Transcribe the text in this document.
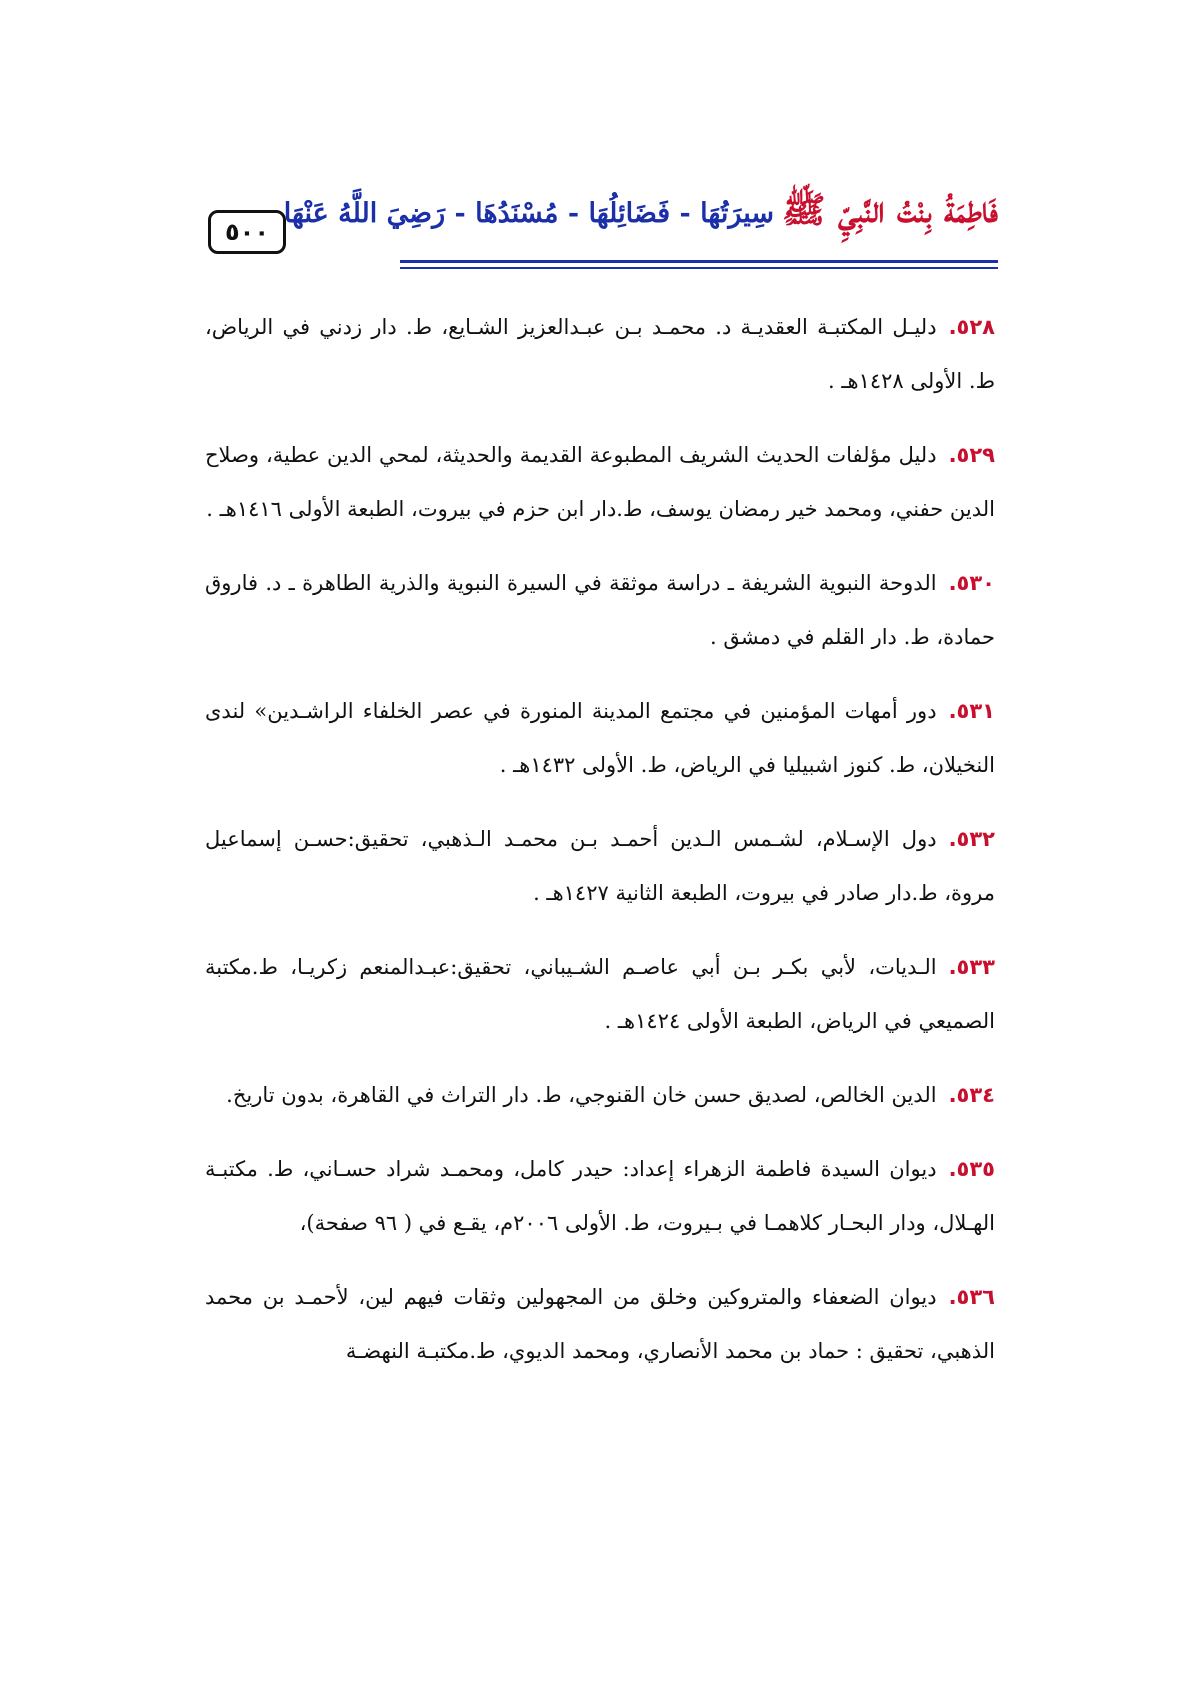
فَاطِمَةُ بِنْتُ النَّبِيِّ ﷺسِيرَتُهَا - فَضَائِلُهَا - مُسْنَدُهَا - رَضِيَ اللَّهُ عَنْهَا
٥٠٠

٥٢٨.دليـل المكتبـة العقديـة د. محمـد بـن عبـدالعزيز الشـايع، ط. دار زدني في الرياض، ط. الأولى ١٤٢٨هـ .

٥٢٩.دليل مؤلفات الحديث الشريف المطبوعة القديمة والحديثة، لمحي الدين عطية، وصلاح الدين حفني، ومحمد خير رمضان يوسف، ط.دار ابن حزم في بيروت، الطبعة الأولى ١٤١٦هـ .

٥٣٠.الدوحة النبوية الشريفة ـ دراسة موثقة في السيرة النبوية والذرية الطاهرة ـ د. فاروق حمادة، ط. دار القلم في دمشق .

٥٣١.دور أمهات المؤمنين في مجتمع المدينة المنورة في عصر الخلفاء الراشـدين» لندى النخيلان، ط. كنوز اشبيليا في الرياض، ط. الأولى ١٤٣٢هـ .

٥٣٢.دول الإسـلام، لشـمس الـدين أحمـد بـن محمـد الـذهبي، تحقيق:حسـن إسماعيل مروة، ط.دار صادر في بيروت، الطبعة الثانية ١٤٢٧هـ .

٥٣٣.الـديات، لأبي بكـر بـن أبي عاصـم الشـيباني، تحقيق:عبـدالمنعم زكريـا، ط.مكتبة الصميعي في الرياض، الطبعة الأولى ١٤٢٤هـ .

٥٣٤.الدين الخالص، لصديق حسن خان القنوجي، ط. دار التراث في القاهرة، بدون تاريخ.

٥٣٥.ديوان السيدة فاطمة الزهراء إعداد: حيدر كامل، ومحمـد شراد حسـاني، ط. مكتبـة الهـلال، ودار البحـار كلاهمـا في بـيروت، ط. الأولى ٢٠٠٦م، يقـع في ( ٩٦ صفحة)،

٥٣٦.ديوان الضعفاء والمتروكين وخلق من المجهولين وثقات فيهم لين، لأحمـد بن محمد الذهبي، تحقيق : حماد بن محمد الأنصاري، ومحمد الديوي، ط.مكتبـة النهضـة
